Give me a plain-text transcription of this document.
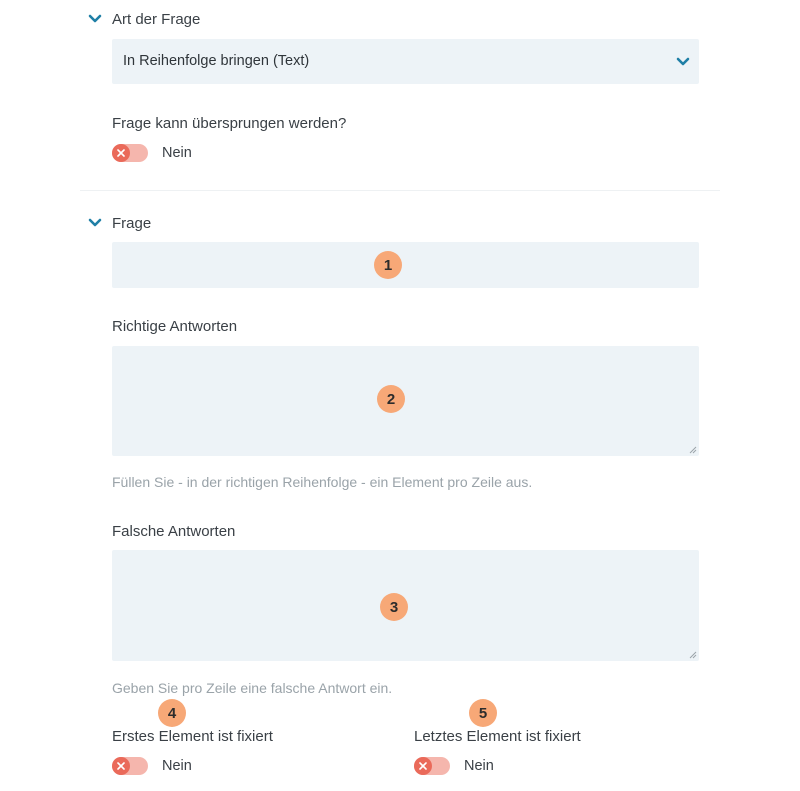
Art der Frage
In Reihenfolge bringen (Text)
Frage kann übersprungen werden?
Nein
Frage
1
Richtige Antworten
2
Füllen Sie - in der richtigen Reihenfolge - ein Element pro Zeile aus.
Falsche Antworten
3
Geben Sie pro Zeile eine falsche Antwort ein.
4	5
Erstes Element ist fixiert
Nein
Letztes Element ist fixiert
Nein
